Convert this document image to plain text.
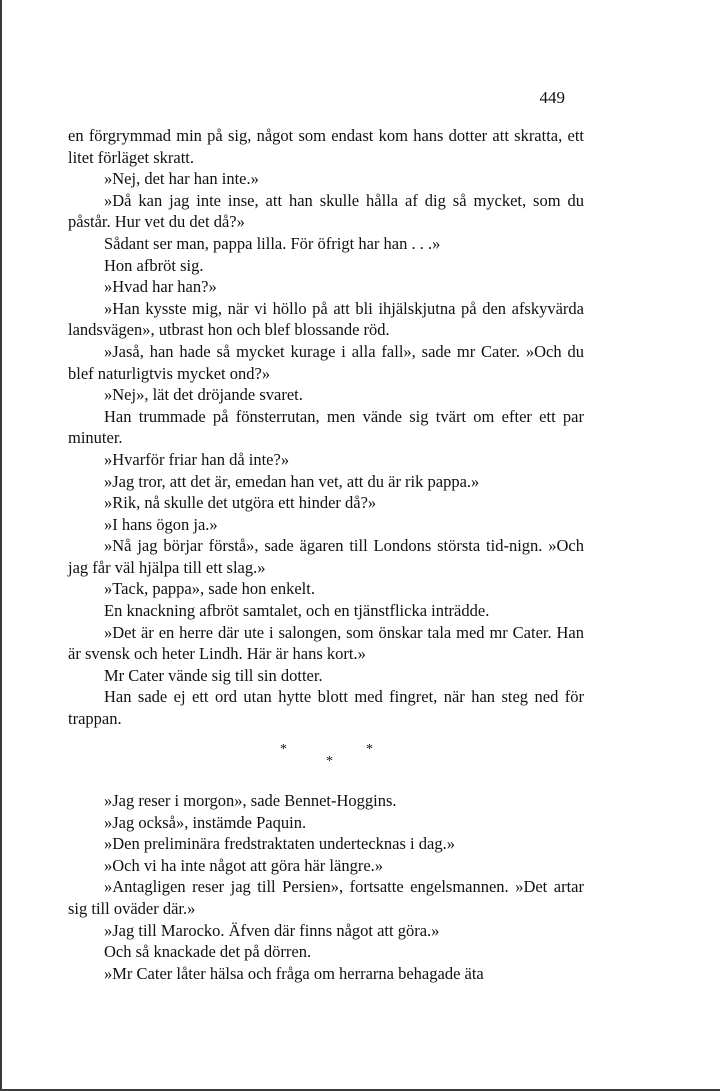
449

en förgrymmad min på sig, något som endast kom hans dotter att skratta, ett litet förläget skratt.

»Nej, det har han inte.»

»Då kan jag inte inse, att han skulle hålla af dig så mycket, som du påstår. Hur vet du det då?»

Sådant ser man, pappa lilla. För öfrigt har han . . .»

Hon afbröt sig.

»Hvad har han?»

»Han kysste mig, när vi höllo på att bli ihjälskjutna på den afskyvärda landsvägen», utbrast hon och blef blossande röd.

»Jaså, han hade så mycket kurage i alla fall», sade mr Cater. »Och du blef naturligtvis mycket ond?»

»Nej», lät det dröjande svaret.

Han trummade på fönsterrutan, men vände sig tvärt om efter ett par minuter.

»Hvarför friar han då inte?»

»Jag tror, att det är, emedan han vet, att du är rik pappa.»

»Rik, nå skulle det utgöra ett hinder då?»

»I hans ögon ja.»

»Nå jag börjar förstå», sade ägaren till Londons största tid-nign. »Och jag får väl hjälpa till ett slag.»

»Tack, pappa», sade hon enkelt.

En knackning afbröt samtalet, och en tjänstflicka inträdde.

»Det är en herre där ute i salongen, som önskar tala med mr Cater. Han är svensk och heter Lindh. Här är hans kort.»

Mr Cater vände sig till sin dotter.

Han sade ej ett ord utan hytte blott med fingret, när han steg ned för trappan.

*
*
*

»Jag reser i morgon», sade Bennet-Hoggins.

»Jag också», instämde Paquin.

»Den preliminära fredstraktaten undertecknas i dag.»

»Och vi ha inte något att göra här längre.»

»Antagligen reser jag till Persien», fortsatte engelsmannen. »Det artar sig till oväder där.»

»Jag till Marocko. Äfven där finns något att göra.»

Och så knackade det på dörren.

»Mr Cater låter hälsa och fråga om herrarna behagade äta
